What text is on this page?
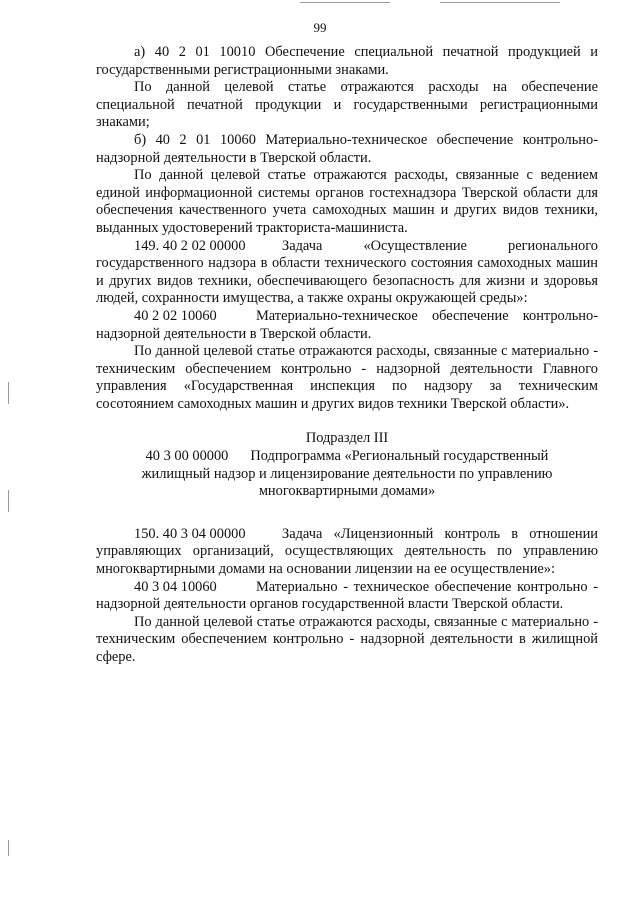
99

а) 40 2 01 10010 Обеспечение специальной печатной продукцией и государственными регистрационными знаками.

По данной целевой статье отражаются расходы на обеспечение специальной печатной продукции и государственными регистрационными знаками;

б) 40 2 01 10060 Материально-техническое обеспечение контрольно-надзорной деятельности в Тверской области.

По данной целевой статье отражаются расходы, связанные с ведением единой информационной системы органов гостехнадзора Тверской области для обеспечения качественного учета самоходных машин и других видов техники, выданных удостоверений тракториста-машиниста.

149. 40 2 02 00000	Задача «Осуществление регионального государственного надзора в области технического состояния самоходных машин и других видов техники, обеспечивающего безопасность для жизни и здоровья людей, сохранности имущества, а также охраны окружающей среды»:

40 2 02 10060	Материально-техническое обеспечение контрольно-надзорной деятельности в Тверской области.

По данной целевой статье отражаются расходы, связанные с материально - техническим обеспечением контрольно - надзорной деятельности Главного управления «Государственная инспекция по надзору за техническим сосотоянием самоходных машин и других видов техники Тверской области».

Подраздел III

40 3 00 00000 Подпрограмма «Региональный государственный жилищный надзор и лицензирование деятельности по управлению многоквартирными домами»

150. 40 3 04 00000	Задача «Лицензионный контроль в отношении управляющих организаций, осуществляющих деятельность по управлению многоквартирными домами на основании лицензии на ее осуществление»:

40 3 04 10060	Материально - техническое обеспечение контрольно - надзорной деятельности органов государственной власти Тверской области.

По данной целевой статье отражаются расходы, связанные с материально - техническим обеспечением контрольно - надзорной деятельности в жилищной сфере.
